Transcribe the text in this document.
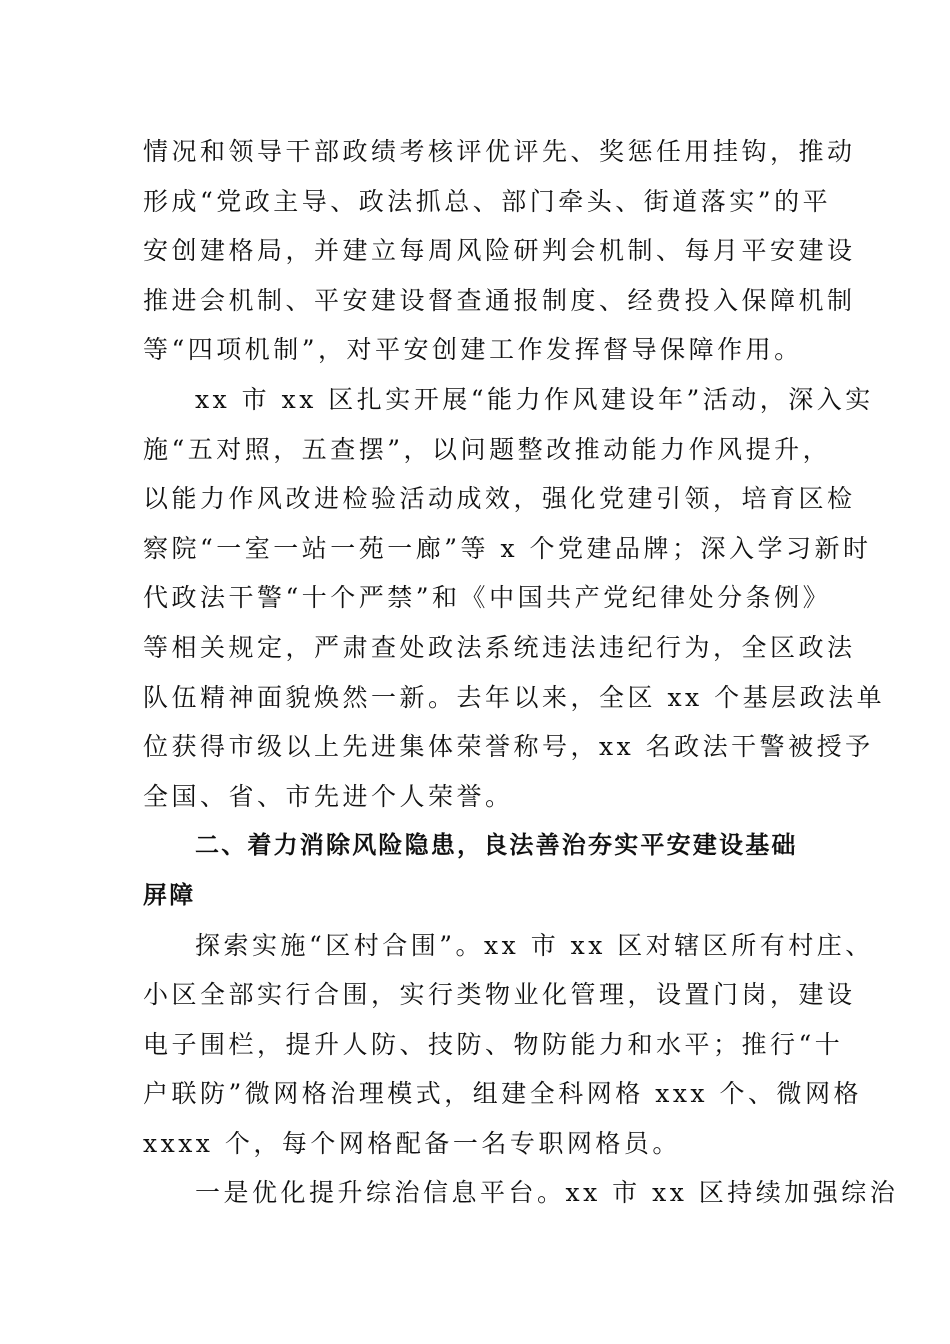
情况和领导干部政绩考核评优评先、奖惩任用挂钩，推动
形成“党政主导、政法抓总、部门牵头、街道落实”的平
安创建格局，并建立每周风险研判会机制、每月平安建设
推进会机制、平安建设督查通报制度、经费投入保障机制
等“四项机制”，对平安创建工作发挥督导保障作用。

xx 市 xx 区扎实开展“能力作风建设年”活动，深入实
施“五对照，五查摆”，以问题整改推动能力作风提升，
以能力作风改进检验活动成效，强化党建引领，培育区检
察院“一室一站一苑一廊”等 x 个党建品牌；深入学习新时
代政法干警“十个严禁”和《中国共产党纪律处分条例》
等相关规定，严肃查处政法系统违法违纪行为，全区政法
队伍精神面貌焕然一新。去年以来，全区 xx 个基层政法单
位获得市级以上先进集体荣誉称号，xx 名政法干警被授予
全国、省、市先进个人荣誉。

二、着力消除风险隐患，良法善治夯实平安建设基础
屏障

探索实施“区村合围”。xx 市 xx 区对辖区所有村庄、
小区全部实行合围，实行类物业化管理，设置门岗，建设
电子围栏，提升人防、技防、物防能力和水平；推行“十
户联防”微网格治理模式，组建全科网格 xxx 个、微网格
xxxx 个，每个网格配备一名专职网格员。

一是优化提升综治信息平台。xx 市 xx 区持续加强综治
